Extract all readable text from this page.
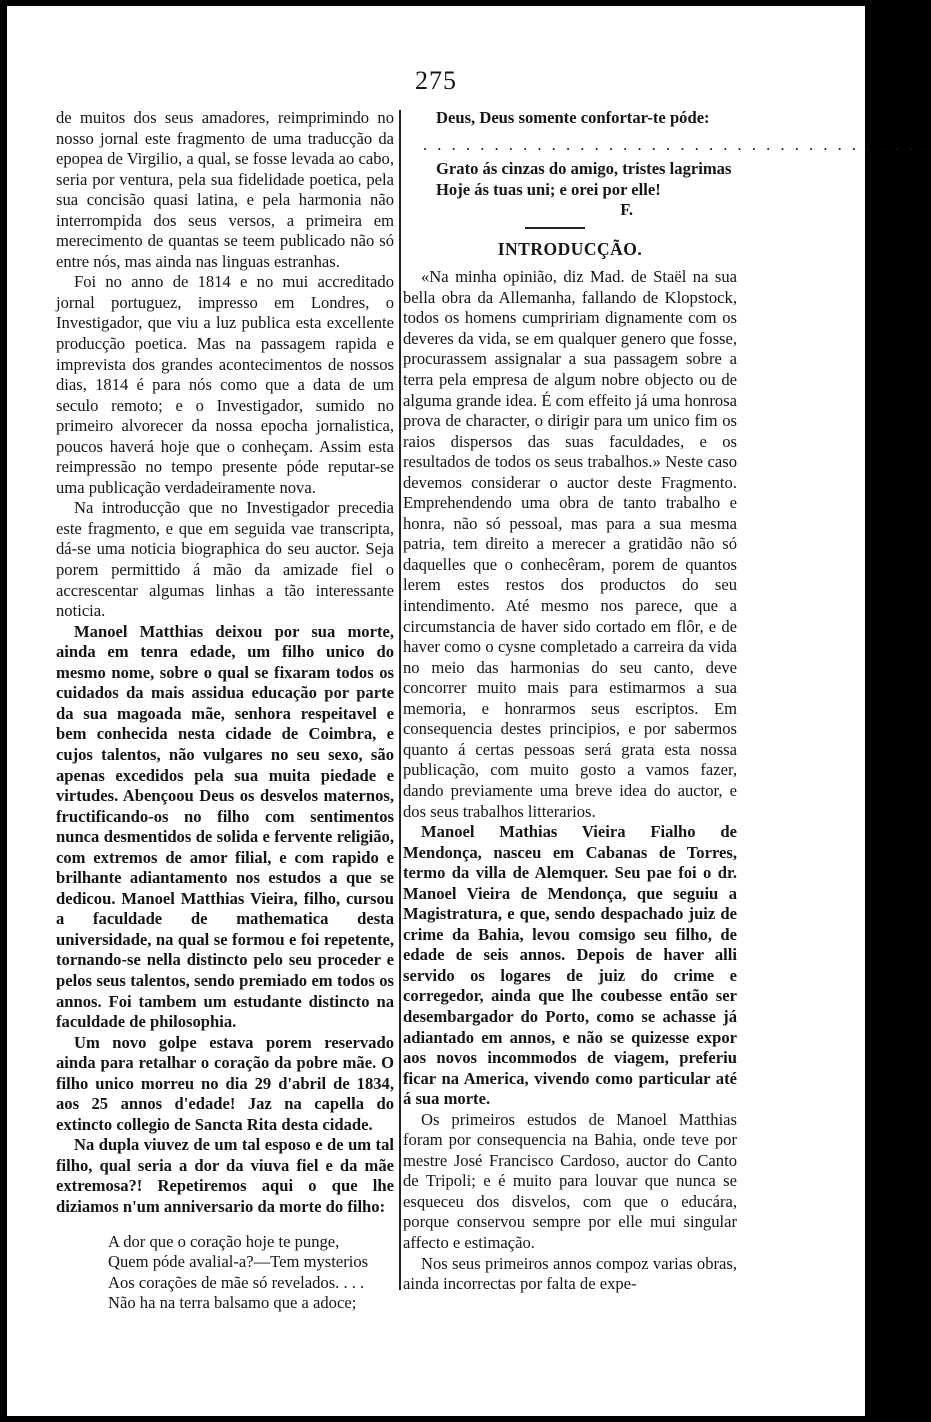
275

de muitos dos seus amadores, reimprimindo no nosso jornal este fragmento de uma traducção da epopea de Virgilio, a qual, se fosse levada ao cabo, seria por ventura, pela sua fidelidade poetica, pela sua concisão quasi latina, e pela harmonia não interrompida dos seus versos, a primeira em merecimento de quantas se teem publicado não só entre nós, mas ainda nas linguas estranhas.

Foi no anno de 1814 e no mui accreditado jornal portuguez, impresso em Londres, o Investigador, que viu a luz publica esta excellente producção poetica. Mas na passagem rapida e imprevista dos grandes acontecimentos de nossos dias, 1814 é para nós como que a data de um seculo remoto; e o Investigador, sumido no primeiro alvorecer da nossa epocha jornalistica, poucos haverá hoje que o conheçam. Assim esta reimpressão no tempo presente póde reputar-se uma publicação verdadeiramente nova.

Na introducção que no Investigador precedia este fragmento, e que em seguida vae transcripta, dá-se uma noticia biographica do seu auctor. Seja porem permittido á mão da amizade fiel o accrescentar algumas linhas a tão interessante noticia.

Manoel Matthias deixou por sua morte, ainda em tenra edade, um filho unico do mesmo nome, sobre o qual se fixaram todos os cuidados da mais assidua educação por parte da sua magoada mãe, senhora respeitavel e bem conhecida nesta cidade de Coimbra, e cujos talentos, não vulgares no seu sexo, são apenas excedidos pela sua muita piedade e virtudes. Abençoou Deus os desvelos maternos, fructificando-os no filho com sentimentos nunca desmentidos de solida e fervente religião, com extremos de amor filial, e com rapido e brilhante adiantamento nos estudos a que se dedicou. Manoel Matthias Vieira, filho, cursou a faculdade de mathematica desta universidade, na qual se formou e foi repetente, tornando-se nella distincto pelo seu proceder e pelos seus talentos, sendo premiado em todos os annos. Foi tambem um estudante distincto na faculdade de philosophia.

Um novo golpe estava porem reservado ainda para retalhar o coração da pobre mãe. O filho unico morreu no dia 29 d'abril de 1834, aos 25 annos d'edade! Jaz na capella do extincto collegio de Sancta Rita desta cidade.

Na dupla viuvez de um tal esposo e de um tal filho, qual seria a dor da viuva fiel e da mãe extremosa?! Repetiremos aqui o que lhe diziamos n'um anniversario da morte do filho:

A dor que o coração hoje te punge,
Quem póde avalial-a?—Tem mysterios
Aos corações de mãe só revelados. . . .
Não ha na terra balsamo que a adoce;
Deus, Deus somente confortar-te póde:
. . . . . . . . . . . . . . . . . . . . . . . . . . . . . . . . . . . .
Grato ás cinzas do amigo, tristes lagrimas
Hoje ás tuas uni; e orei por elle!
F.
INTRODUCÇÃO.

«Na minha opinião, diz Mad. de Staël na sua bella obra da Allemanha, fallando de Klopstock, todos os homens cumpririam dignamente com os deveres da vida, se em qualquer genero que fosse, procurassem assignalar a sua passagem sobre a terra pela empresa de algum nobre objecto ou de alguma grande idea. É com effeito já uma honrosa prova de character, o dirigir para um unico fim os raios dispersos das suas faculdades, e os resultados de todos os seus trabalhos.» Neste caso devemos considerar o auctor deste Fragmento. Emprehendendo uma obra de tanto trabalho e honra, não só pessoal, mas para a sua mesma patria, tem direito a merecer a gratidão não só daquelles que o conhecêram, porem de quantos lerem estes restos dos productos do seu intendimento. Até mesmo nos parece, que a circumstancia de haver sido cortado em flôr, e de haver como o cysne completado a carreira da vida no meio das harmonias do seu canto, deve concorrer muito mais para estimarmos a sua memoria, e honrarmos seus escriptos. Em consequencia destes principios, e por sabermos quanto á certas pessoas será grata esta nossa publicação, com muito gosto a vamos fazer, dando previamente uma breve idea do auctor, e dos seus trabalhos litterarios.

Manoel Mathias Vieira Fialho de Mendonça, nasceu em Cabanas de Torres, termo da villa de Alemquer. Seu pae foi o dr. Manoel Vieira de Mendonça, que seguiu a Magistratura, e que, sendo despachado juiz de crime da Bahia, levou comsigo seu filho, de edade de seis annos. Depois de haver alli servido os logares de juiz do crime e corregedor, ainda que lhe coubesse então ser desembargador do Porto, como se achasse já adiantado em annos, e não se quizesse expor aos novos incommodos de viagem, preferiu ficar na America, vivendo como particular até á sua morte.

Os primeiros estudos de Manoel Matthias foram por consequencia na Bahia, onde teve por mestre José Francisco Cardoso, auctor do Canto de Tripoli; e é muito para louvar que nunca se esqueceu dos disvelos, com que o educára, porque conservou sempre por elle mui singular affecto e estimação.

Nos seus primeiros annos compoz varias obras, ainda incorrectas por falta de expe-
